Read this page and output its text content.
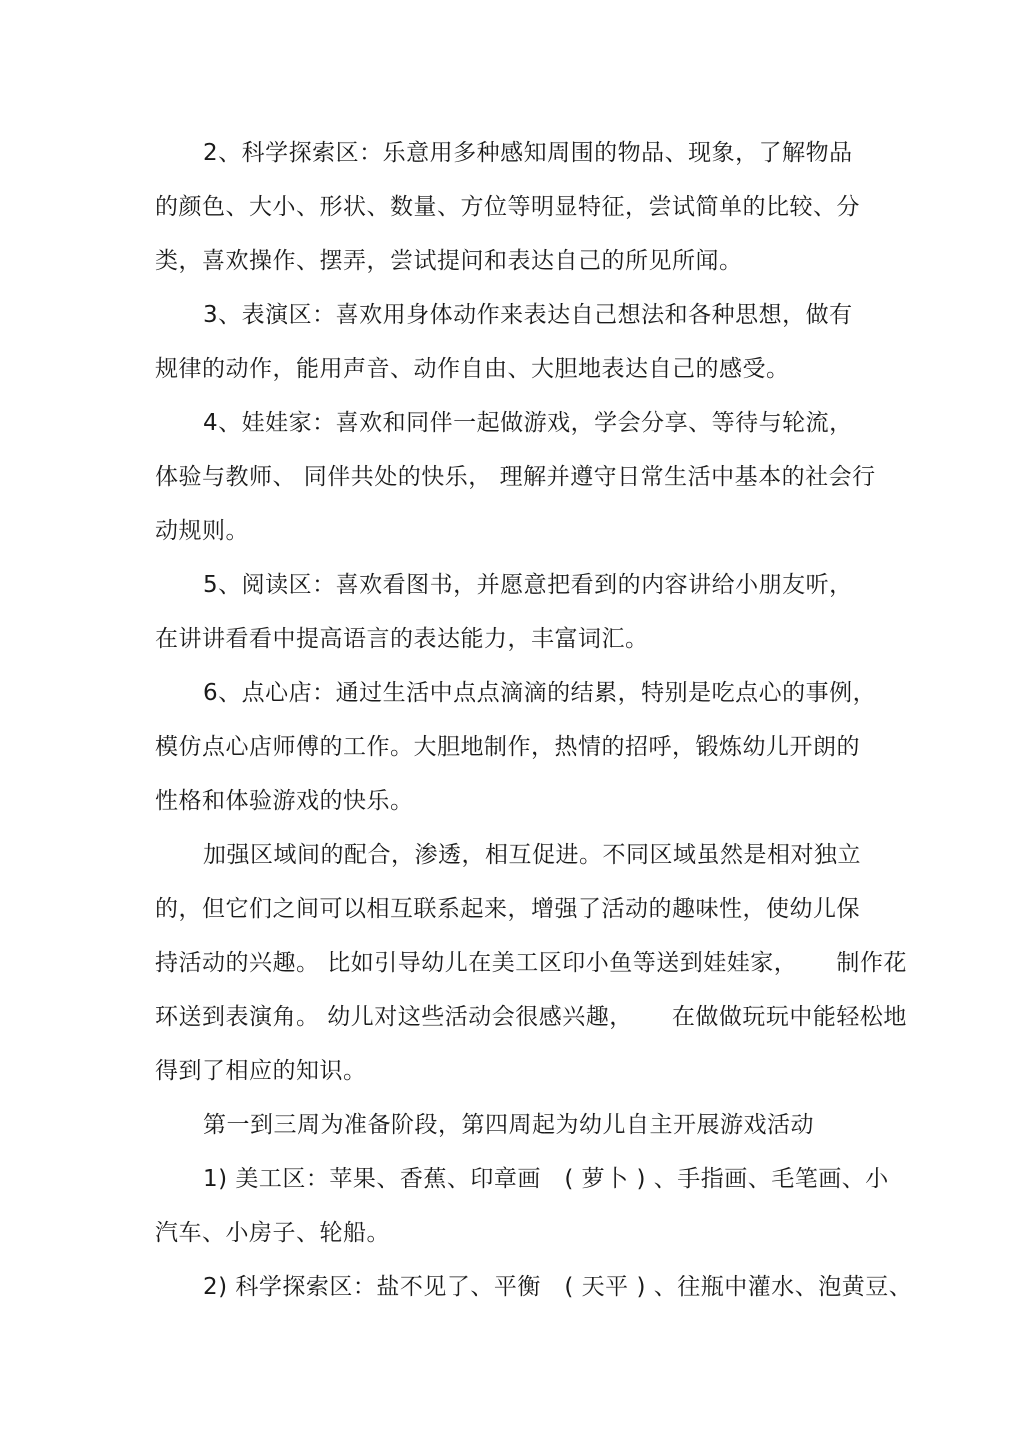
2、科学探索区：乐意用多种感知周围的物品、现象，了解物品
的颜色、大小、形状、数量、方位等明显特征，尝试简单的比较、分
类，喜欢操作、摆弄，尝试提问和表达自己的所见所闻。
3、表演区：喜欢用身体动作来表达自己想法和各种思想，做有
规律的动作，能用声音、动作自由、大胆地表达自己的感受。
4、娃娃家：喜欢和同伴一起做游戏，学会分享、等待与轮流，
体验与教师、 同伴共处的快乐， 理解并遵守日常生活中基本的社会行
动规则。
5、阅读区：喜欢看图书，并愿意把看到的内容讲给小朋友听，
在讲讲看看中提高语言的表达能力，丰富词汇。
6、点心店：通过生活中点点滴滴的结累，特别是吃点心的事例，
模仿点心店师傅的工作。大胆地制作，热情的招呼，锻炼幼儿开朗的
性格和体验游戏的快乐。
加强区域间的配合，渗透，相互促进。不同区域虽然是相对独立
的，但它们之间可以相互联系起来，增强了活动的趣味性，使幼儿保
持活动的兴趣。 比如引导幼儿在美工区印小鱼等送到娃娃家，     制作花
环送到表演角。 幼儿对这些活动会很感兴趣，     在做做玩玩中能轻松地
得到了相应的知识。
第一到三周为准备阶段，第四周起为幼儿自主开展游戏活动
1) 美工区：苹果、香蕉、印章画   ( 萝卜 ) 、手指画、毛笔画、小
汽车、小房子、轮船。
2) 科学探索区：盐不见了、平衡   ( 天平 ) 、往瓶中灌水、泡黄豆、
